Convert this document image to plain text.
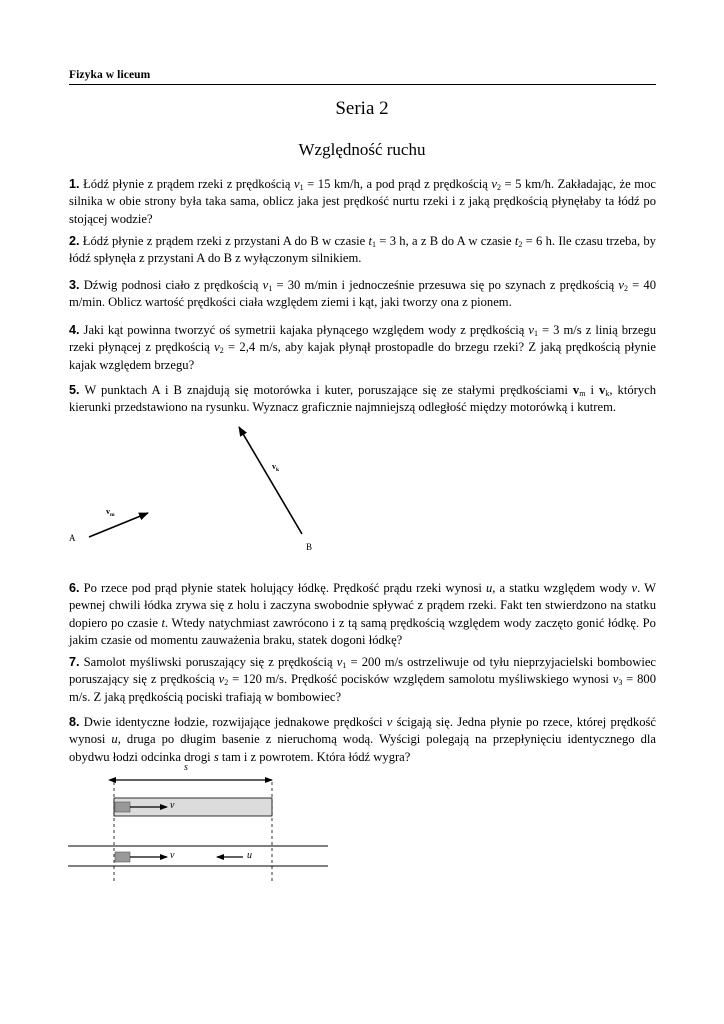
Fizyka w liceum
Seria 2
Względność ruchu
1. Łódź płynie z prądem rzeki z prędkością $v_1 = 15$ km/h, a pod prąd z prędkością $v_2 = 5$ km/h. Zakładając, że moc silnika w obie strony była taka sama, oblicz jaka jest prędkość nurtu rzeki i z jaką prędkością płynęłaby ta łódź po stojącej wodzie?
2. Łódź płynie z prądem rzeki z przystani A do B w czasie $t_1 = 3$ h, a z B do A w czasie $t_2 = 6$ h. Ile czasu trzeba, by łódź spłynęła z przystani A do B z wyłączonym silnikiem.
3. Dźwig podnosi ciało z prędkością $v_1 = 30$ m/min i jednocześnie przesuwa się po szynach z prędkością $v_2 = 40$ m/min. Oblicz wartość prędkości ciała względem ziemi i kąt, jaki tworzy ona z pionem.
4. Jaki kąt powinna tworzyć oś symetrii kajaka płynącego względem wody z prędkością $v_1 = 3$ m/s z linią brzegu rzeki płynącej z prędkością $v_2 = 2,4$ m/s, aby kajak płynął prostopadle do brzegu rzeki? Z jaką prędkością płynie kajak względem brzegu?
5. W punktach A i B znajdują się motorówka i kuter, poruszające się ze stałymi prędkościami $v_m$ i $v_k$, których kierunki przedstawiono na rysunku. Wyznacz graficznie najmniejszą odległość między motorówką i kutrem.
A
B
$v_m$
$v_k$
6. Po rzece pod prąd płynie statek holujący łódkę. Prędkość prądu rzeki wynosi u, a statku względem wody v. W pewnej chwili łódka zrywa się z holu i zaczyna swobodnie spływać z prądem rzeki. Fakt ten stwierdzono na statku dopiero po czasie t. Wtedy natychmiast zawrócono i z tą samą prędkością względem wody zaczęto gonić łódkę. Po jakim czasie od momentu zauważenia braku, statek dogoni łódkę?
7. Samolot myśliwski poruszający się z prędkością $v_1 = 200$ m/s ostrzeliwuje od tyłu nieprzyjacielski bombowiec poruszający się z prędkością $v_2 = 120$ m/s. Prędkość pocisków względem samolotu myśliwskiego wynosi $v_3 = 800$ m/s. Z jaką prędkością pociski trafiają w bombowiec?
8. Dwie identyczne łodzie, rozwijające jednakowe prędkości v ścigają się. Jedna płynie po rzece, której prędkość wynosi u, druga po długim basenie z nieruchomą wodą. Wyścigi polegają na przepłynięciu identycznego dla obydwu łodzi odcinka drogi s tam i z powrotem. Która łódź wygra?
s
v
v	u
